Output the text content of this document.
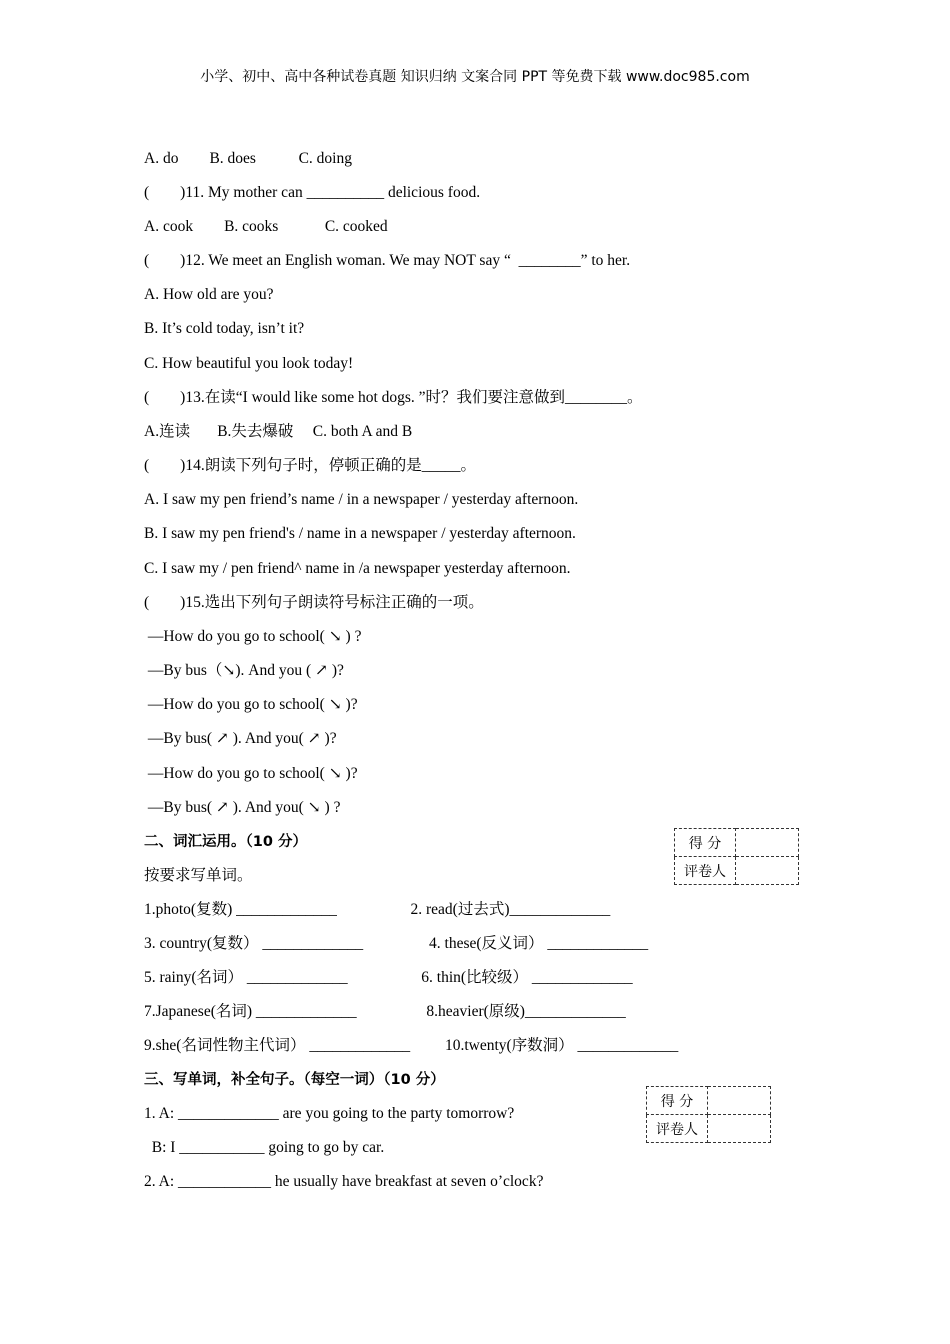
小学、初中、高中各种试卷真题 知识归纳 文案合同 PPT 等免费下载 www.doc985.com
A. do        B. does           C. doing
(        )11. My mother can __________ delicious food.
A. cook        B. cooks            C. cooked
(        )12. We meet an English woman. We may NOT say “  ________” to her.
A. How old are you?
B. It’s cold today, isn’t it?
C. How beautiful you look today!
(        )13.在读“I would like some hot dogs. ”时？我们要注意做到________。
A.连读       B.失去爆破     C. both A and B
(        )14.朗读下列句子时，停顿正确的是_____。
A. I saw my pen friend’s name / in a newspaper / yesterday afternoon.
B. I saw my pen friend's / name in a newspaper / yesterday afternoon.
C. I saw my / pen friend^ name in /a newspaper yesterday afternoon.
(        )15.选出下列句子朗读符号标注正确的一项。
—How do you go to school( ↘ ) ?
—By bus（↘). And you ( ↗ )?
—How do you go to school( ↘ )?
—By bus( ↗ ). And you( ↗ )?
—How do you go to school( ↘ )?
—By bus( ↗ ). And you( ↘ ) ?
二、词汇运用。（10 分）
按要求写单词。
1.photo(复数) _____________                   2. read(过去式)_____________
3. country(复数） _____________                 4. these(反义词） _____________
5. rainy(名词） _____________                   6. thin(比较级） _____________
7.Japanese(名词) _____________                  8.heavier(原级)_____________
9.she(名词性物主代词） _____________         10.twenty(序数洞） _____________
三、写单词，补全句子。（每空一词）（10 分）
1. A: _____________ are you going to the party tomorrow?
B: I ___________ going to go by car.
2. A: ____________ he usually have breakfast at seven o’clock?
得 分	
评卷人	
得 分	
评卷人	
